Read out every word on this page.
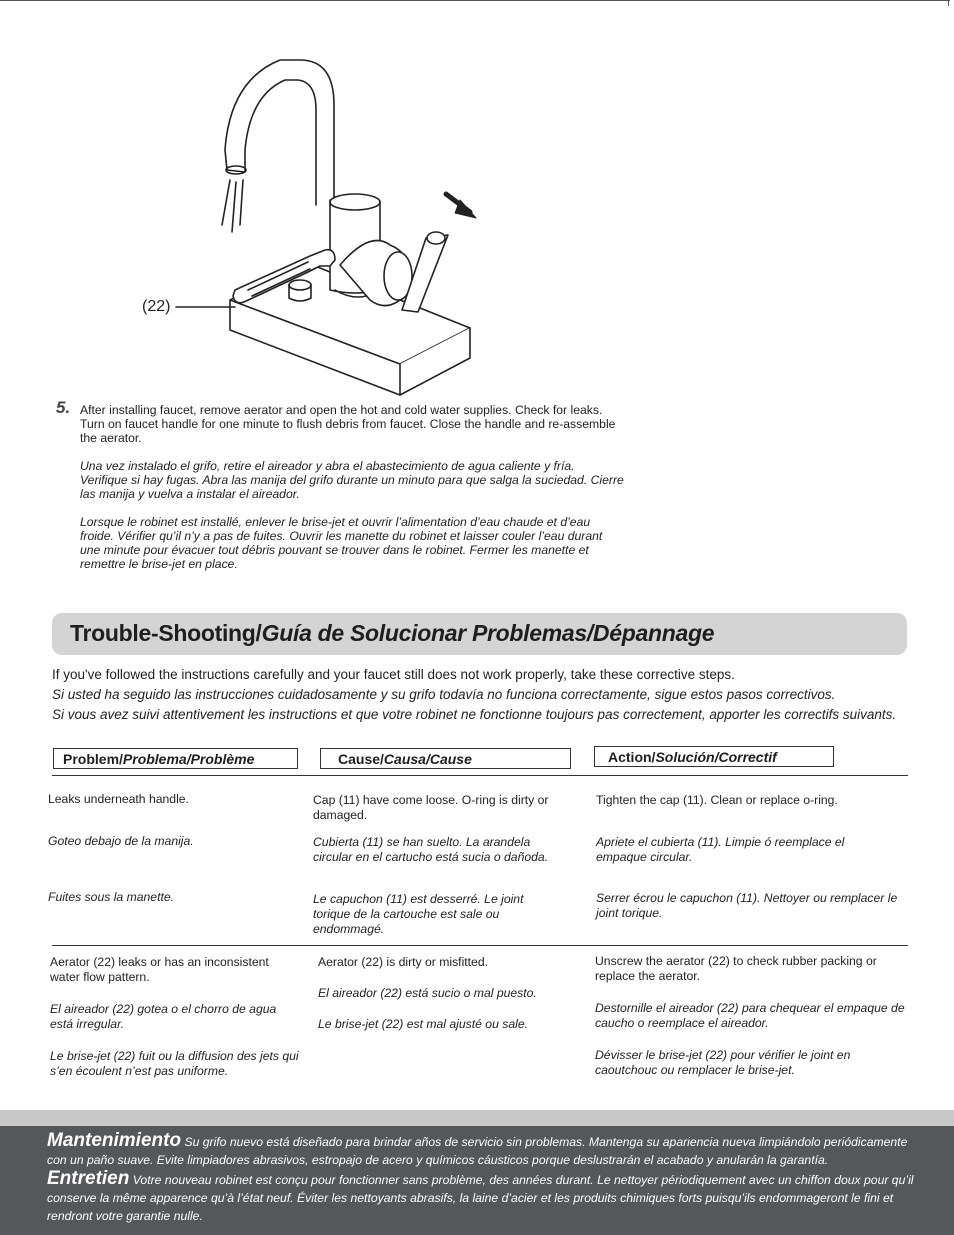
(22)
5. After installing faucet, remove aerator and open the hot and cold water supplies. Check for leaks. Turn on faucet handle for one minute to flush debris from faucet. Close the handle and re-assemble the aerator.

Una vez instalado el grifo, retire el aireador y abra el abastecimiento de agua caliente y fría. Verifique si hay fugas. Abra las manija del grifo durante un minuto para que salga la suciedad. Cierre las manija y vuelva a instalar el aireador.

Lorsque le robinet est installé, enlever le brise-jet et ouvrir l’alimentation d’eau chaude et d’eau froide. Vérifier qu’il n’y a pas de fuites. Ouvrir les manette du robinet et laisser couler l’eau durant une minute pour évacuer tout débris pouvant se trouver dans le robinet. Fermer les manette et remettre le brise-jet en place.

Trouble-Shooting/Guía de Solucionar Problemas/Dépannage

If you've followed the instructions carefully and your faucet still does not work properly, take these corrective steps.

Si usted ha seguido las instrucciones cuidadosamente y su grifo todavía no funciona correctamente, sigue estos pasos correctivos.

Si vous avez suivi attentivement les instructions et que votre robinet ne fonctionne toujours pas correctement, apporter les correctifs suivants.

Problem/Problema/Problème	Cause/Causa/Cause	Action/Solución/Correctif

Leaks underneath handle.

Goteo debajo de la manija.

Fuites sous la manette.

Cap (11) have come loose. O-ring is dirty or damaged.

Cubierta (11) se han suelto. La arandela circular en el cartucho está sucia o dañoda.

Le capuchon (11) est desserré. Le joint torique de la cartouche est sale ou endommagé.

Tighten the cap (11). Clean or replace o-ring.

Apriete el cubierta (11). Limpie ó reemplace el empaque circular.

Serrer écrou le capuchon (11). Nettoyer ou remplacer le joint torique.

Aerator (22) leaks or has an inconsistent water flow pattern.

El aireador (22) gotea o el chorro de agua está irregular.

Le brise-jet (22) fuit ou la diffusion des jets qui s’en écoulent n’est pas uniforme.

Aerator (22) is dirty or misfitted.

El aireador (22) está sucio o mal puesto.

Le brise-jet (22) est mal ajusté ou sale.

Unscrew the aerator (22) to check rubber packing or replace the aerator.

Destornille el aireador (22) para chequear el empaque de caucho o reemplace el aireador.

Dévisser le brise-jet (22) pour vérifier le joint en caoutchouc ou remplacer le brise-jet.

Mantenimiento Su grifo nuevo está diseñado para brindar años de servicio sin problemas. Mantenga su apariencia nueva limpiándolo periódicamente con un paño suave. Evite limpiadores abrasivos, estropajo de acero y químicos cáusticos porque deslustrarán el acabado y anularán la garantía.

Entretien Votre nouveau robinet est conçu pour fonctionner sans problème, des années durant. Le nettoyer périodiquement avec un chiffon doux pour qu’il conserve la même apparence qu’à l’état neuf. Éviter les nettoyants abrasifs, la laine d’acier et les produits chimiques forts puisqu’ils endommageront le fini et rendront votre garantie nulle.
